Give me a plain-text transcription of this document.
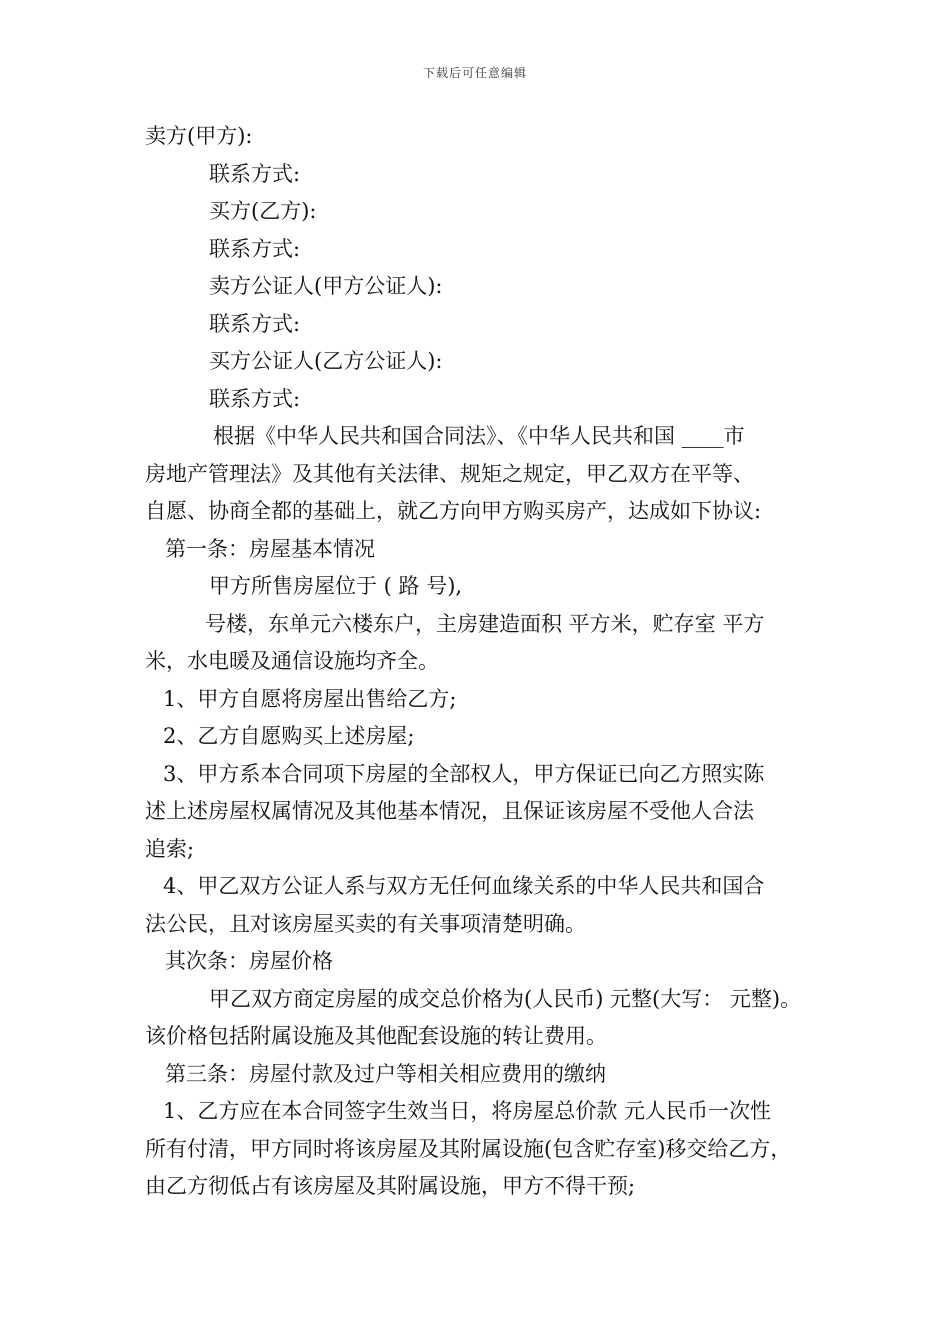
下载后可任意编辑
卖方(甲方):
联系方式:
买方(乙方):
联系方式:
卖方公证人(甲方公证人):
联系方式:
买方公证人(乙方公证人):
联系方式:
根据《中华人民共和国合同法》、《中华人民共和国 ____市
房地产管理法》及其他有关法律、规矩之规定，甲乙双方在平等、
自愿、协商全都的基础上，就乙方向甲方购买房产，达成如下协议:
第一条：房屋基本情况
甲方所售房屋位于 ( 路 号),
号楼，东单元六楼东户，主房建造面积 平方米，贮存室 平方
米，水电暖及通信设施均齐全。
1、甲方自愿将房屋出售给乙方;
2、乙方自愿购买上述房屋;
3、甲方系本合同项下房屋的全部权人，甲方保证已向乙方照实陈
述上述房屋权属情况及其他基本情况，且保证该房屋不受他人合法
追索;
4、甲乙双方公证人系与双方无任何血缘关系的中华人民共和国合
法公民，且对该房屋买卖的有关事项清楚明确。
其次条：房屋价格
甲乙双方商定房屋的成交总价格为(人民币) 元整(大写： 元整)。
该价格包括附属设施及其他配套设施的转让费用。
第三条：房屋付款及过户等相关相应费用的缴纳
1、乙方应在本合同签字生效当日，将房屋总价款 元人民币一次性
所有付清，甲方同时将该房屋及其附属设施(包含贮存室)移交给乙方，
由乙方彻低占有该房屋及其附属设施，甲方不得干预;
